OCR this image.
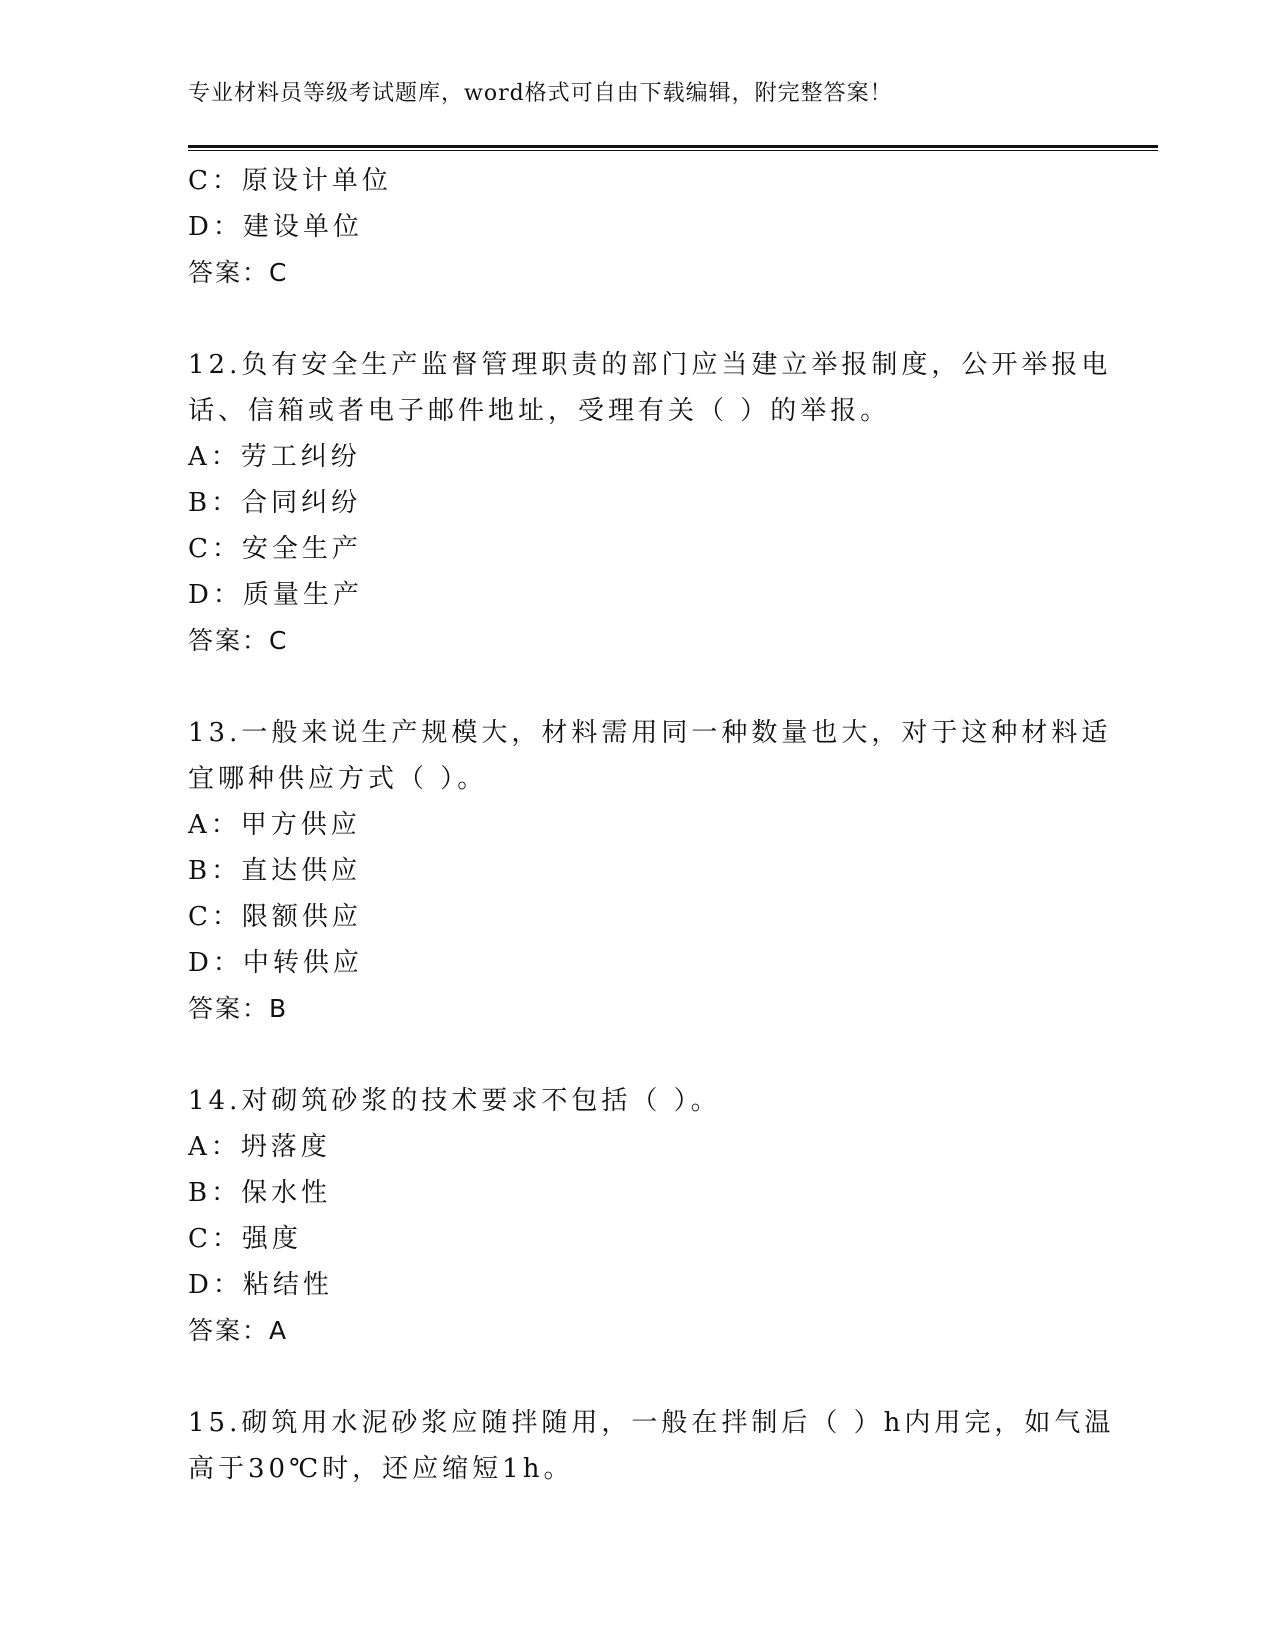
专业材料员等级考试题库，word格式可自由下载编辑，附完整答案！
C：原设计单位
D：建设单位
答案：C
12.负有安全生产监督管理职责的部门应当建立举报制度，公开举报电
话、信箱或者电子邮件地址，受理有关（ ）的举报。
A：劳工纠纷
B：合同纠纷
C：安全生产
D：质量生产
答案：C
13.一般来说生产规模大，材料需用同一种数量也大，对于这种材料适
宜哪种供应方式（ ）。
A：甲方供应
B：直达供应
C：限额供应
D：中转供应
答案：B
14.对砌筑砂浆的技术要求不包括（ ）。
A：坍落度
B：保水性
C：强度
D：粘结性
答案：A
15.砌筑用水泥砂浆应随拌随用，一般在拌制后（ ）h内用完，如气温
高于30℃时，还应缩短1h。
